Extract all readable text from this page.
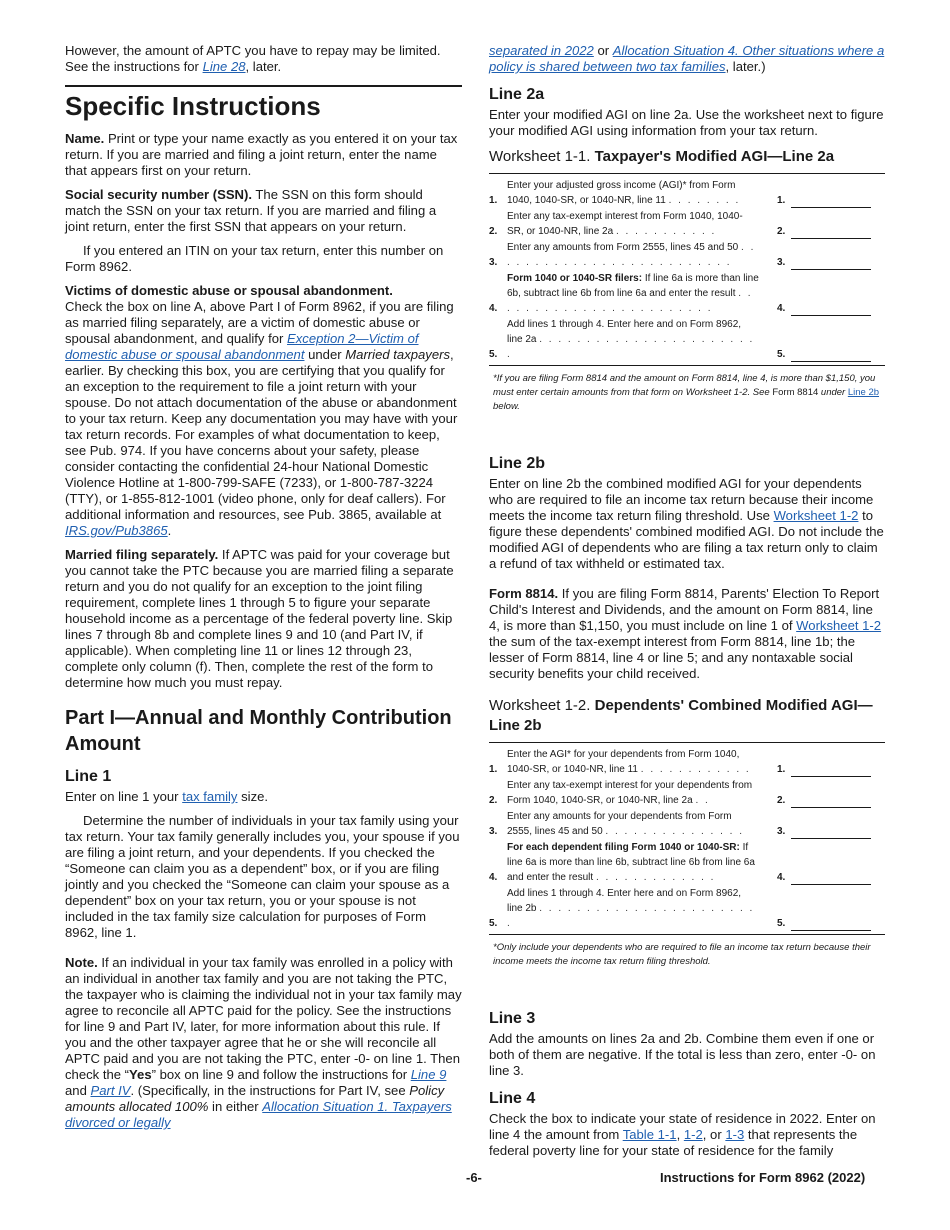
However, the amount of APTC you have to repay may be limited. See the instructions for Line 28, later.

Specific Instructions

Name. Print or type your name exactly as you entered it on your tax return. If you are married and filing a joint return, enter the name that appears first on your return.

Social security number (SSN). The SSN on this form should match the SSN on your tax return. If you are married and filing a joint return, enter the first SSN that appears on your return.

If you entered an ITIN on your tax return, enter this number on Form 8962.

Victims of domestic abuse or spousal abandonment.
Check the box on line A, above Part I of Form 8962, if you are filing as married filing separately, are a victim of domestic abuse or spousal abandonment, and qualify for Exception 2—Victim of domestic abuse or spousal abandonment under Married taxpayers, earlier. By checking this box, you are certifying that you qualify for an exception to the requirement to file a joint return with your spouse. Do not attach documentation of the abuse or abandonment to your tax return. Keep any documentation you may have with your tax return records. For examples of what documentation to keep, see Pub. 974. If you have concerns about your safety, please consider contacting the confidential 24-hour National Domestic Violence Hotline at 1-800-799-SAFE (7233), or 1-800-787-3224 (TTY), or 1-855-812-1001 (video phone, only for deaf callers). For additional information and resources, see Pub. 3865, available at IRS.gov/Pub3865.

Married filing separately. If APTC was paid for your coverage but you cannot take the PTC because you are married filing a separate return and you do not qualify for an exception to the joint filing requirement, complete lines 1 through 5 to figure your separate household income as a percentage of the federal poverty line. Skip lines 7 through 8b and complete lines 9 and 10 (and Part IV, if applicable). When completing line 11 or lines 12 through 23, complete only column (f). Then, complete the rest of the form to determine how much you must repay.

Part I—Annual and Monthly Contribution Amount
Line 1

Enter on line 1 your tax family size.

Determine the number of individuals in your tax family using your tax return. Your tax family generally includes you, your spouse if you are filing a joint return, and your dependents. If you checked the “Someone can claim you as a dependent” box, or if you are filing jointly and you checked the “Someone can claim your spouse as a dependent” box on your tax return, you or your spouse is not included in the tax family size calculation for purposes of Form 8962, line 1.

Note. If an individual in your tax family was enrolled in a policy with an individual in another tax family and you are not taking the PTC, the taxpayer who is claiming the individual not in your tax family may agree to reconcile all APTC paid for the policy. See the instructions for line 9 and Part IV, later, for more information about this rule. If you and the other taxpayer agree that he or she will reconcile all APTC paid and you are not taking the PTC, enter -0- on line 1. Then check the “Yes” box on line 9 and follow the instructions for Line 9 and Part IV. (Specifically, in the instructions for Part IV, see Policy amounts allocated 100% in either Allocation Situation 1. Taxpayers divorced or legally

separated in 2022 or Allocation Situation 4. Other situations where a policy is shared between two tax families, later.)

Line 2a

Enter your modified AGI on line 2a. Use the worksheet next to figure your modified AGI using information from your tax return.

Worksheet 1-1. Taxpayer's Modified AGI—Line 2a
1.
Enter your adjusted gross income (AGI)* from Form 1040, 1040-SR, or 1040-NR, line 11 . . . . . . . .	1.
2.
Enter any tax-exempt interest from Form 1040, 1040-SR, or 1040-NR, line 2a . . . . . . . . . . .	2.
3.
Enter any amounts from Form 2555, lines 45 and 50 . . . . . . . . . . . . . . . . . . . . . . . . . .	3.
4.
Form 1040 or 1040-SR filers: If line 6a is more than line 6b, subtract line 6b from line 6a and enter the result . . . . . . . . . . . . . . . . . . . . . . . .	4.
5.
Add lines 1 through 4. Enter here and on Form 8962, line 2a . . . . . . . . . . . . . . . . . . . . . . . .	5.
*If you are filing Form 8814 and the amount on Form 8814, line 4, is more than $1,150, you must enter certain amounts from that form on Worksheet 1-2. See Form 8814 under Line 2b below.
Line 2b

Enter on line 2b the combined modified AGI for your dependents who are required to file an income tax return because their income meets the income tax return filing threshold. Use Worksheet 1-2 to figure these dependents' combined modified AGI. Do not include the modified AGI of dependents who are filing a tax return only to claim a refund of tax withheld or estimated tax.

Form 8814. If you are filing Form 8814, Parents' Election To Report Child's Interest and Dividends, and the amount on Form 8814, line 4, is more than $1,150, you must include on line 1 of Worksheet 1-2 the sum of the tax-exempt interest from Form 8814, line 1b; the lesser of Form 8814, line 4 or line 5; and any nontaxable social security benefits your child received.

Worksheet 1-2. Dependents' Combined Modified AGI—Line 2b
1.
Enter the AGI* for your dependents from Form 1040, 1040-SR, or 1040-NR, line 11 . . . . . . . . . . . .	1.
2.
Enter any tax-exempt interest for your dependents from Form 1040, 1040-SR, or 1040-NR, line 2a . .	2.
3.
Enter any amounts for your dependents from Form 2555, lines 45 and 50 . . . . . . . . . . . . . . .	3.
4.
For each dependent filing Form 1040 or 1040-SR: If line 6a is more than line 6b, subtract line 6b from line 6a and enter the result . . . . . . . . . . . . .	4.
5.
Add lines 1 through 4. Enter here and on Form 8962, line 2b . . . . . . . . . . . . . . . . . . . . . . . .	5.
*Only include your dependents who are required to file an income tax return because their income meets the income tax return filing threshold.
Line 3

Add the amounts on lines 2a and 2b. Combine them even if one or both of them are negative. If the total is less than zero, enter -0- on line 3.

Line 4

Check the box to indicate your state of residence in 2022. Enter on line 4 the amount from Table 1-1, 1-2, or 1-3 that represents the federal poverty line for your state of residence for the family

-6-	Instructions for Form 8962 (2022)
